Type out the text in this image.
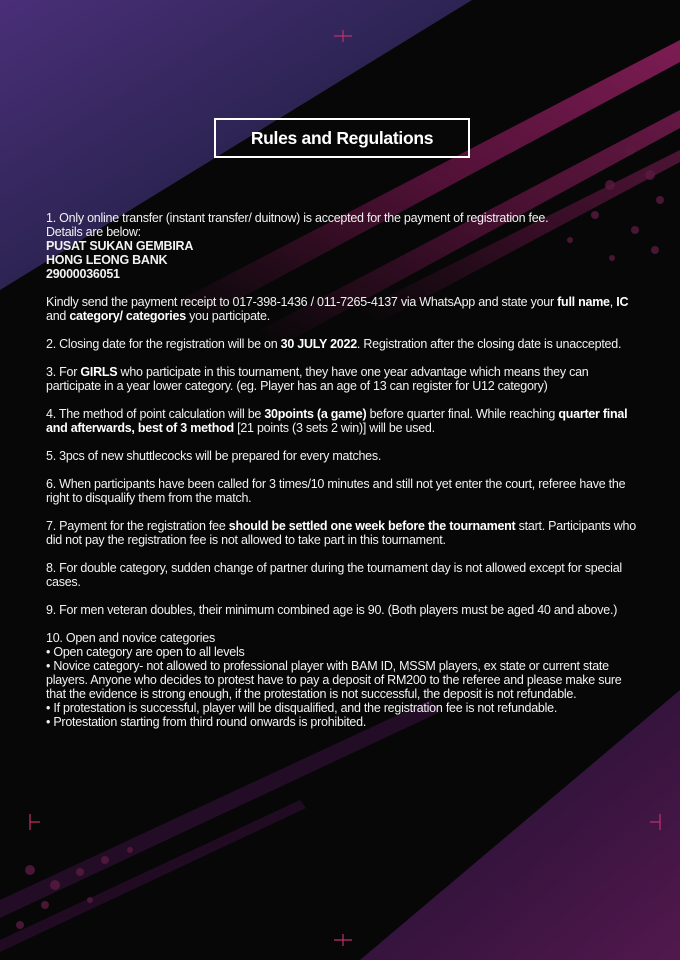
Rules and Regulations

1. Only online transfer (instant transfer/ duitnow) is accepted for the payment of registration fee.
Details are below:
PUSAT SUKAN GEMBIRA
HONG LEONG BANK
29000036051

Kindly send the payment receipt to 017-398-1436 / 011-7265-4137 via WhatsApp and state your full name, IC and category/ categories you participate.

2. Closing date for the registration will be on 30 JULY 2022. Registration after the closing date is unaccepted.

3. For GIRLS who participate in this tournament, they have one year advantage which means they can participate in a year lower category. (eg. Player has an age of 13 can register for U12 category)

4. The method of point calculation will be 30points (a game) before quarter final. While reaching quarter final and afterwards, best of 3 method [21 points (3 sets 2 win)] will be used.

5. 3pcs of new shuttlecocks will be prepared for every matches.

6. When participants have been called for 3 times/10 minutes and still not yet enter the court, referee have the right to disqualify them from the match.

7. Payment for the registration fee should be settled one week before the tournament start. Participants who did not pay the registration fee is not allowed to take part in this tournament.

8. For double category, sudden change of partner during the tournament day is not allowed except for special cases.

9. For men veteran doubles, their minimum combined age is 90. (Both players must be aged 40 and above.)

10. Open and novice categories
• Open category are open to all levels
• Novice category- not allowed to professional player with BAM ID, MSSM players, ex state or current state players. Anyone who decides to protest have to pay a deposit of RM200 to the referee and please make sure that the evidence is strong enough, if the protestation is not successful, the deposit is not refundable.
• If protestation is successful, player will be disqualified, and the registration fee is not refundable.
• Protestation starting from third round onwards is prohibited.
